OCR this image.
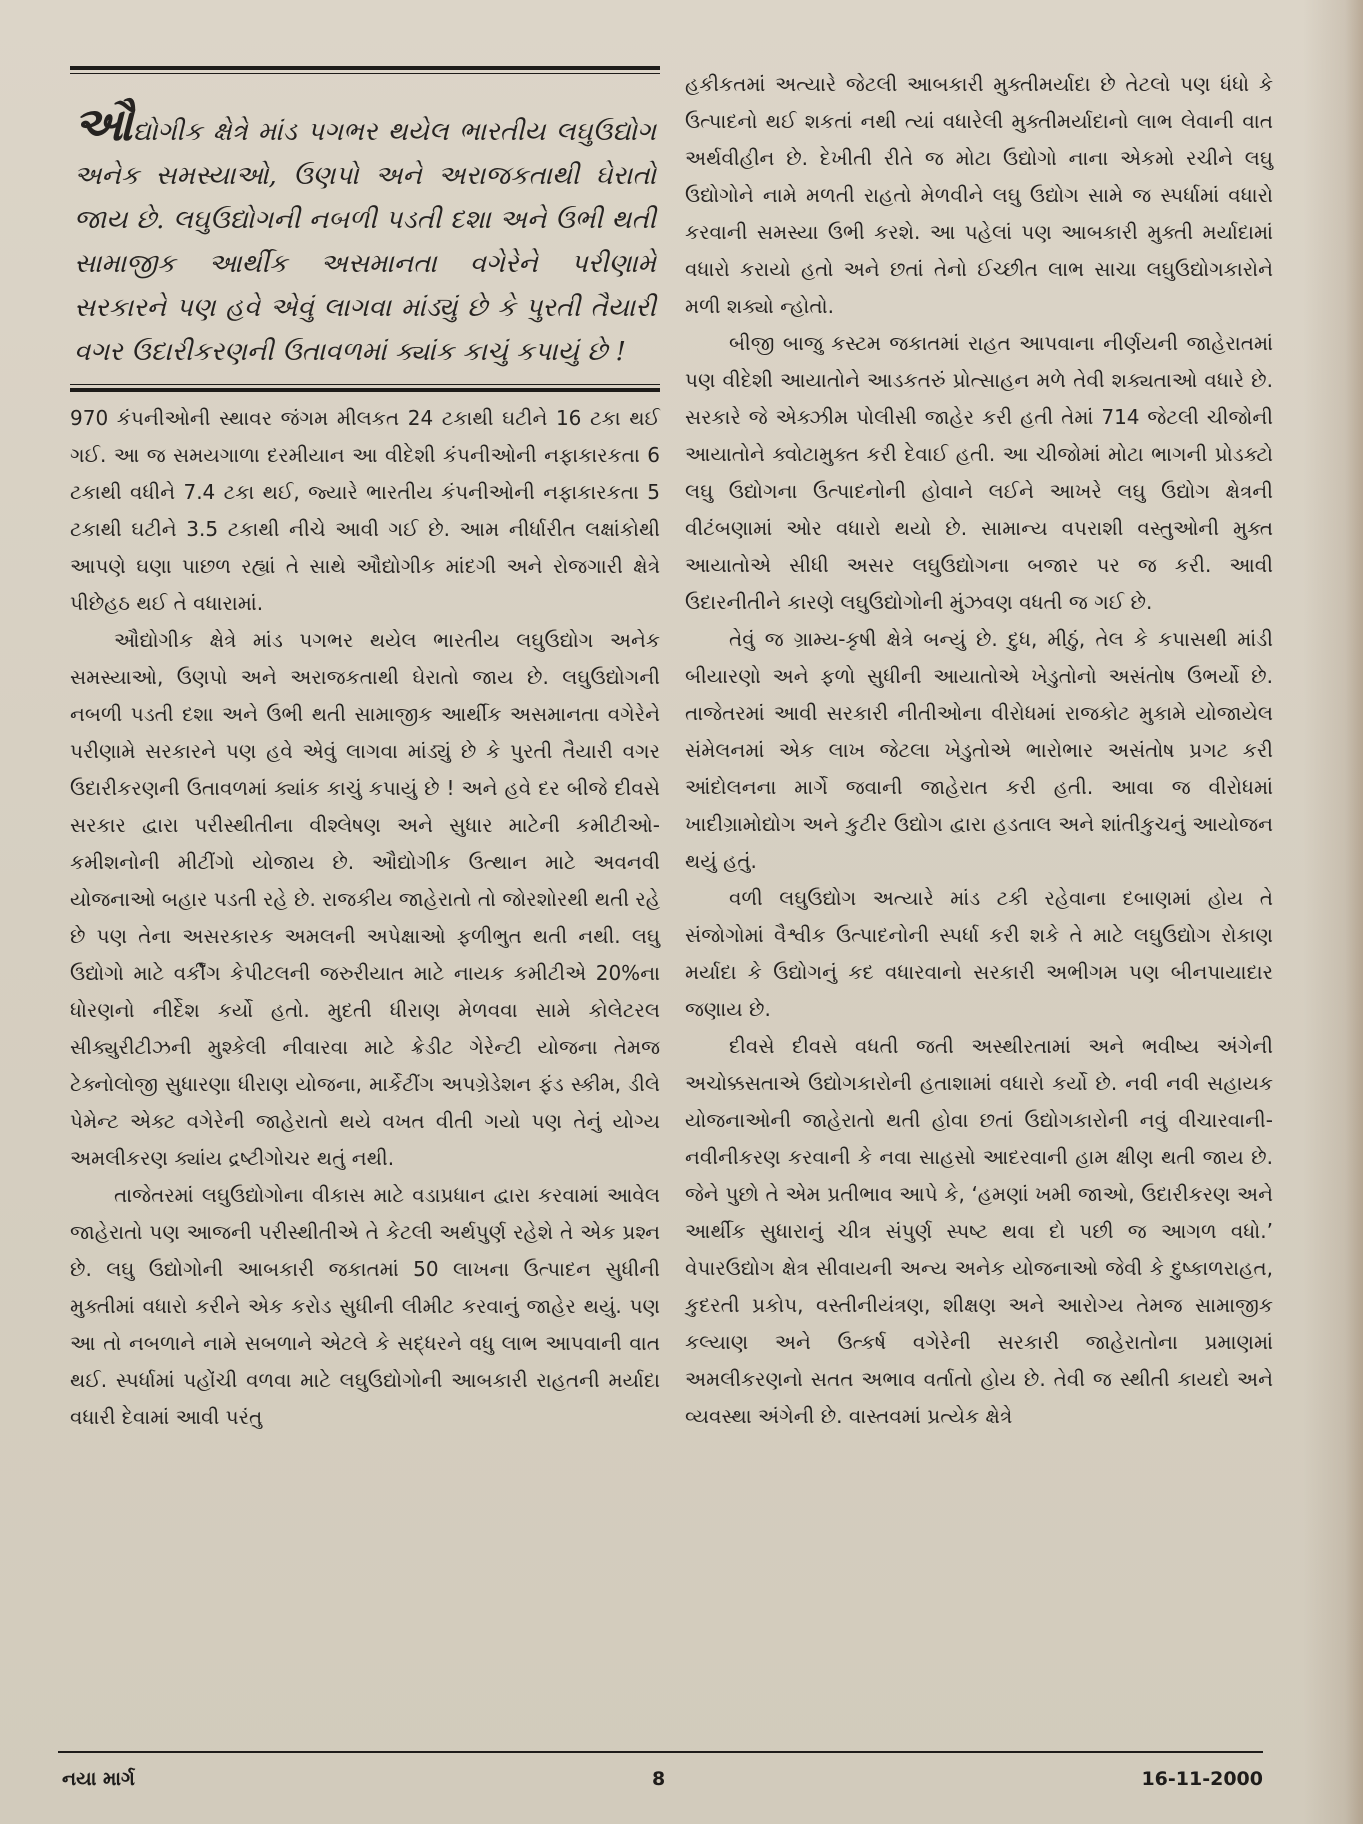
ઔદ્યોગીક ક્ષેત્રે માંડ પગભર થયેલ ભારતીય લઘુઉદ્યોગ અનેક સમસ્યાઓ, ઉણપો અને અરાજકતાથી ઘેરાતો જાય છે. લઘુઉદ્યોગની નબળી પડતી દશા અને ઉભી થતી સામાજીક આર્થીક અસમાનતા વગેરેને પરીણામે સરકારને પણ હવે એવું લાગવા માંડ્યું છે કે પુરતી તૈયારી વગર ઉદારીકરણની ઉતાવળમાં ક્યાંક કાચું કપાયું છે !

970 કંપનીઓની સ્થાવર જંગમ મીલકત 24 ટકાથી ઘટીને 16 ટકા થઈ ગઈ. આ જ સમયગાળા દરમીયાન આ વીદેશી કંપનીઓની નફાકારકતા 6 ટકાથી વધીને 7.4 ટકા થઈ, જ્યારે ભારતીય કંપનીઓની નફાકારકતા 5 ટકાથી ઘટીને 3.5 ટકાથી નીચે આવી ગઈ છે. આમ નીર્ધારીત લક્ષાંકોથી આપણે ઘણા પાછળ રહ્યાં તે સાથે ઔદ્યોગીક માંદગી અને રોજગારી ક્ષેત્રે પીછેહઠ થઈ તે વધારામાં.

ઔદ્યોગીક ક્ષેત્રે માંડ પગભર થયેલ ભારતીય લઘુઉદ્યોગ અનેક સમસ્યાઓ, ઉણપો અને અરાજકતાથી ઘેરાતો જાય છે. લઘુઉદ્યોગની નબળી પડતી દશા અને ઉભી થતી સામાજીક આર્થીક અસમાનતા વગેરેને પરીણામે સરકારને પણ હવે એવું લાગવા માંડ્યું છે કે પુરતી તૈયારી વગર ઉદારીકરણની ઉતાવળમાં ક્યાંક કાચું કપાયું છે ! અને હવે દર બીજે દીવસે સરકાર દ્વારા પરીસ્થીતીના વીશ્લેષણ અને સુધાર માટેની કમીટીઓ-કમીશનોની મીટીંગો યોજાય છે. ઔદ્યોગીક ઉત્થાન માટે અવનવી યોજનાઓ બહાર પડતી રહે છે. રાજકીય જાહેરાતો તો જોરશોરથી થતી રહે છે પણ તેના અસરકારક અમલની અપેક્ષાઓ ફળીભુત થતી નથી. લઘુ ઉદ્યોગો માટે વર્કીંગ કેપીટલની જરુરીયાત માટે નાયક કમીટીએ 20%ના ધોરણનો નીર્દેશ કર્યો હતો. મુદતી ધીરાણ મેળવવા સામે કોલેટરલ સીક્યુરીટીઝની મુશ્કેલી નીવારવા માટે ક્રેડીટ ગેરેન્ટી યોજના તેમજ ટેક્નોલોજી સુધારણા ધીરાણ યોજના, માર્કેટીંગ અપગ્રેડેશન ફંડ સ્કીમ, ડીલે પેમેન્ટ એક્ટ વગેરેની જાહેરાતો થયે વખત વીતી ગયો પણ તેનું યોગ્ય અમલીકરણ ક્યાંય દ્રષ્ટીગોચર થતું નથી.

તાજેતરમાં લઘુઉદ્યોગોના વીકાસ માટે વડાપ્રધાન દ્વારા કરવામાં આવેલ જાહેરાતો પણ આજની પરીસ્થીતીએ તે કેટલી અર્થપુર્ણ રહેશે તે એક પ્રશ્ન છે. લઘુ ઉદ્યોગોની આબકારી જકાતમાં 50 લાખના ઉત્પાદન સુધીની મુક્તીમાં વધારો કરીને એક કરોડ સુધીની લીમીટ કરવાનું જાહેર થયું. પણ આ તો નબળાને નામે સબળાને એટલે કે સદ્ધરને વધુ લાભ આપવાની વાત થઈ. સ્પર્ધામાં પહોંચી વળવા માટે લઘુઉદ્યોગોની આબકારી રાહતની મર્યાદા વધારી દેવામાં આવી પરંતુ

હકીકતમાં અત્યારે જેટલી આબકારી મુક્તીમર્યાદા છે તેટલો પણ ધંધો કે ઉત્પાદનો થઈ શકતાં નથી ત્યાં વધારેલી મુક્તીમર્યાદાનો લાભ લેવાની વાત અર્થવીહીન છે. દેખીતી રીતે જ મોટા ઉદ્યોગો નાના એકમો રચીને લઘુ ઉદ્યોગોને નામે મળતી રાહતો મેળવીને લઘુ ઉદ્યોગ સામે જ સ્પર્ધામાં વધારો કરવાની સમસ્યા ઉભી કરશે. આ પહેલાં પણ આબકારી મુક્તી મર્યાદામાં વધારો કરાયો હતો અને છતાં તેનો ઈચ્છીત લાભ સાચા લઘુઉદ્યોગકારોને મળી શક્યો ન્હોતો.

બીજી બાજુ કસ્ટમ જકાતમાં રાહત આપવાના નીર્ણયની જાહેરાતમાં પણ વીદેશી આયાતોને આડકતરું પ્રોત્સાહન મળે તેવી શક્યતાઓ વધારે છે. સરકારે જે એક્ઝીમ પોલીસી જાહેર કરી હતી તેમાં 714 જેટલી ચીજોની આયાતોને ક્વોટામુક્ત કરી દેવાઈ હતી. આ ચીજોમાં મોટા ભાગની પ્રોડક્ટો લઘુ ઉદ્યોગના ઉત્પાદનોની હોવાને લઈને આખરે લઘુ ઉદ્યોગ ક્ષેત્રની વીટંબણામાં ઓર વધારો થયો છે. સામાન્ય વપરાશી વસ્તુઓની મુક્ત આયાતોએ સીધી અસર લઘુઉદ્યોગના બજાર પર જ કરી. આવી ઉદારનીતીને કારણે લઘુઉદ્યોગોની મુંઝવણ વધતી જ ગઈ છે.

તેવું જ ગ્રામ્ય-કૃષી ક્ષેત્રે બન્યું છે. દુધ, મીઠું, તેલ કે કપાસથી માંડી બીયારણો અને ફળો સુધીની આયાતોએ ખેડુતોનો અસંતોષ ઉભર્યો છે. તાજેતરમાં આવી સરકારી નીતીઓના વીરોધમાં રાજકોટ મુકામે યોજાયેલ સંમેલનમાં એક લાખ જેટલા ખેડુતોએ ભારોભાર અસંતોષ પ્રગટ કરી આંદોલનના માર્ગે જવાની જાહેરાત કરી હતી. આવા જ વીરોધમાં ખાદીગ્રામોદ્યોગ અને કુટીર ઉદ્યોગ દ્વારા હડતાલ અને શાંતીકુચનું આયોજન થયું હતું.

વળી લઘુઉદ્યોગ અત્યારે માંડ ટકી રહેવાના દબાણમાં હોય તે સંજોગોમાં વૈશ્વીક ઉત્પાદનોની સ્પર્ધા કરી શકે તે માટે લઘુઉદ્યોગ રોકાણ મર્યાદા કે ઉદ્યોગનું કદ વધારવાનો સરકારી અભીગમ પણ બીનપાયાદાર જણાય છે.

દીવસે દીવસે વધતી જતી અસ્થીરતામાં અને ભવીષ્ય અંગેની અચોક્કસતાએ ઉદ્યોગકારોની હતાશામાં વધારો કર્યો છે. નવી નવી સહાયક યોજનાઓની જાહેરાતો થતી હોવા છતાં ઉદ્યોગકારોની નવું વીચારવાની-નવીનીકરણ કરવાની કે નવા સાહસો આદરવાની હામ ક્ષીણ થતી જાય છે. જેને પુછો તે એમ પ્રતીભાવ આપે કે, ‘હમણાં ખમી જાઓ, ઉદારીકરણ અને આર્થીક સુધારાનું ચીત્ર સંપુર્ણ સ્પષ્ટ થવા દો પછી જ આગળ વધો.’ વેપારઉદ્યોગ ક્ષેત્ર સીવાયની અન્ય અનેક યોજનાઓ જેવી કે દુષ્કાળરાહત, કુદરતી પ્રકોપ, વસ્તીનીયંત્રણ, શીક્ષણ અને આરોગ્ય તેમજ સામાજીક કલ્યાણ અને ઉત્કર્ષ વગેરેની સરકારી જાહેરાતોના પ્રમાણમાં અમલીકરણનો સતત અભાવ વર્તાતો હોય છે. તેવી જ સ્થીતી કાયદો અને વ્યવસ્થા અંગેની છે. વાસ્તવમાં પ્રત્યેક ક્ષેત્રે

નયા માર્ગ	8	16-11-2000
